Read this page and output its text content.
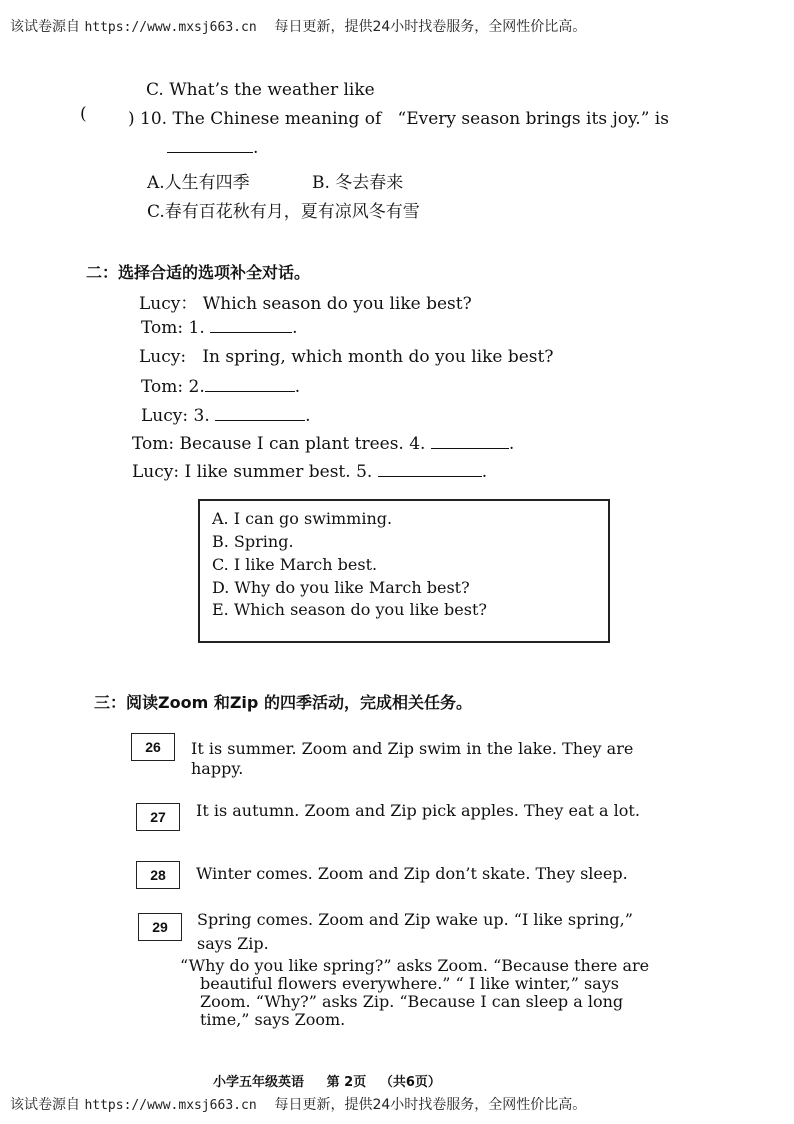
该试卷源自 https://www.mxsj663.cn 每日更新，提供24小时找卷服务，全网性价比高。
C. What’s the weather like
( ) 10. The Chinese meaning of “Every season brings its joy.” is
.
A.人生有四季	B. 冬去春来
C.春有百花秋有月，夏有凉风冬有雪
二：选择合适的选项补全对话。
Lucy： Which season do you like best?
Tom: 1.	.
Lucy: In spring, which month do you like best?
Tom: 2.	.
Lucy: 3.	.
Tom: Because I can plant trees. 4.	.
Lucy: I like summer best. 5.	.
A. I can go swimming.
B. Spring.
C. I like March best.
D. Why do you like March best?
E. Which season do you like best?
三：阅读Zoom 和Zip 的四季活动，完成相关任务。
26	It is summer. Zoom and Zip swim in the lake. They are
happy.
27	It is autumn. Zoom and Zip pick apples. They eat a lot.
28	Winter comes. Zoom and Zip don’t skate. They sleep.
29	Spring comes. Zoom and Zip wake up. “I like spring,”
says Zip.
“Why do you like spring?” asks Zoom. “Because there are
beautiful flowers everywhere.” “ I like winter,” says
Zoom. “Why?” asks Zip. “Because I can sleep a long
time,” says Zoom.
小学五年级英语 第 2页 （共6页）
该试卷源自 https://www.mxsj663.cn 每日更新，提供24小时找卷服务，全网性价比高。
